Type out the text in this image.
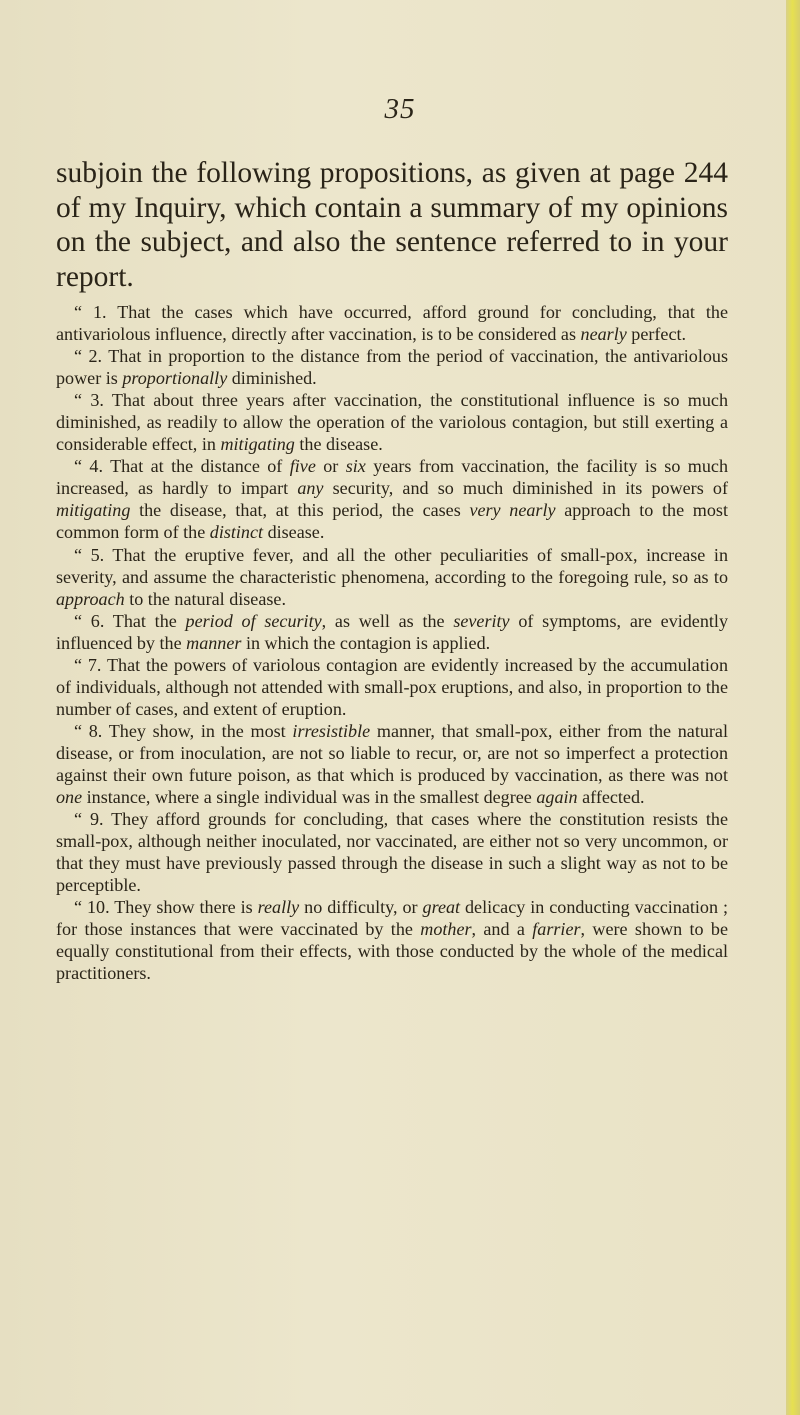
35

subjoin the following propositions, as given at page 244 of my Inquiry, which contain a summary of my opinions on the subject, and also the sentence referred to in your report.

“ 1. That the cases which have occurred, afford ground for concluding, that the antivariolous influence, directly after vaccination, is to be considered as nearly perfect.

“ 2. That in proportion to the distance from the period of vaccination, the antivariolous power is proportionally diminished.

“ 3. That about three years after vaccination, the constitutional influence is so much diminished, as readily to allow the operation of the variolous contagion, but still exerting a considerable effect, in mitigating the disease.

“ 4. That at the distance of five or six years from vaccination, the facility is so much increased, as hardly to impart any security, and so much diminished in its powers of mitigating the disease, that, at this period, the cases very nearly approach to the most common form of the distinct disease.

“ 5. That the eruptive fever, and all the other peculiarities of small-pox, increase in severity, and assume the characteristic phenomena, according to the foregoing rule, so as to approach to the natural disease.

“ 6. That the period of security, as well as the severity of symptoms, are evidently influenced by the manner in which the contagion is applied.

“ 7. That the powers of variolous contagion are evidently increased by the accumulation of individuals, although not attended with small-pox eruptions, and also, in proportion to the number of cases, and extent of eruption.

“ 8. They show, in the most irresistible manner, that small-pox, either from the natural disease, or from inoculation, are not so liable to recur, or, are not so imperfect a protection against their own future poison, as that which is produced by vaccination, as there was not one instance, where a single individual was in the smallest degree again affected.

“ 9. They afford grounds for concluding, that cases where the constitution resists the small-pox, although neither inoculated, nor vaccinated, are either not so very uncommon, or that they must have previously passed through the disease in such a slight way as not to be perceptible.

“ 10. They show there is really no difficulty, or great delicacy in conducting vaccination ; for those instances that were vaccinated by the mother, and a farrier, were shown to be equally constitutional from their effects, with those conducted by the whole of the medical practitioners.
